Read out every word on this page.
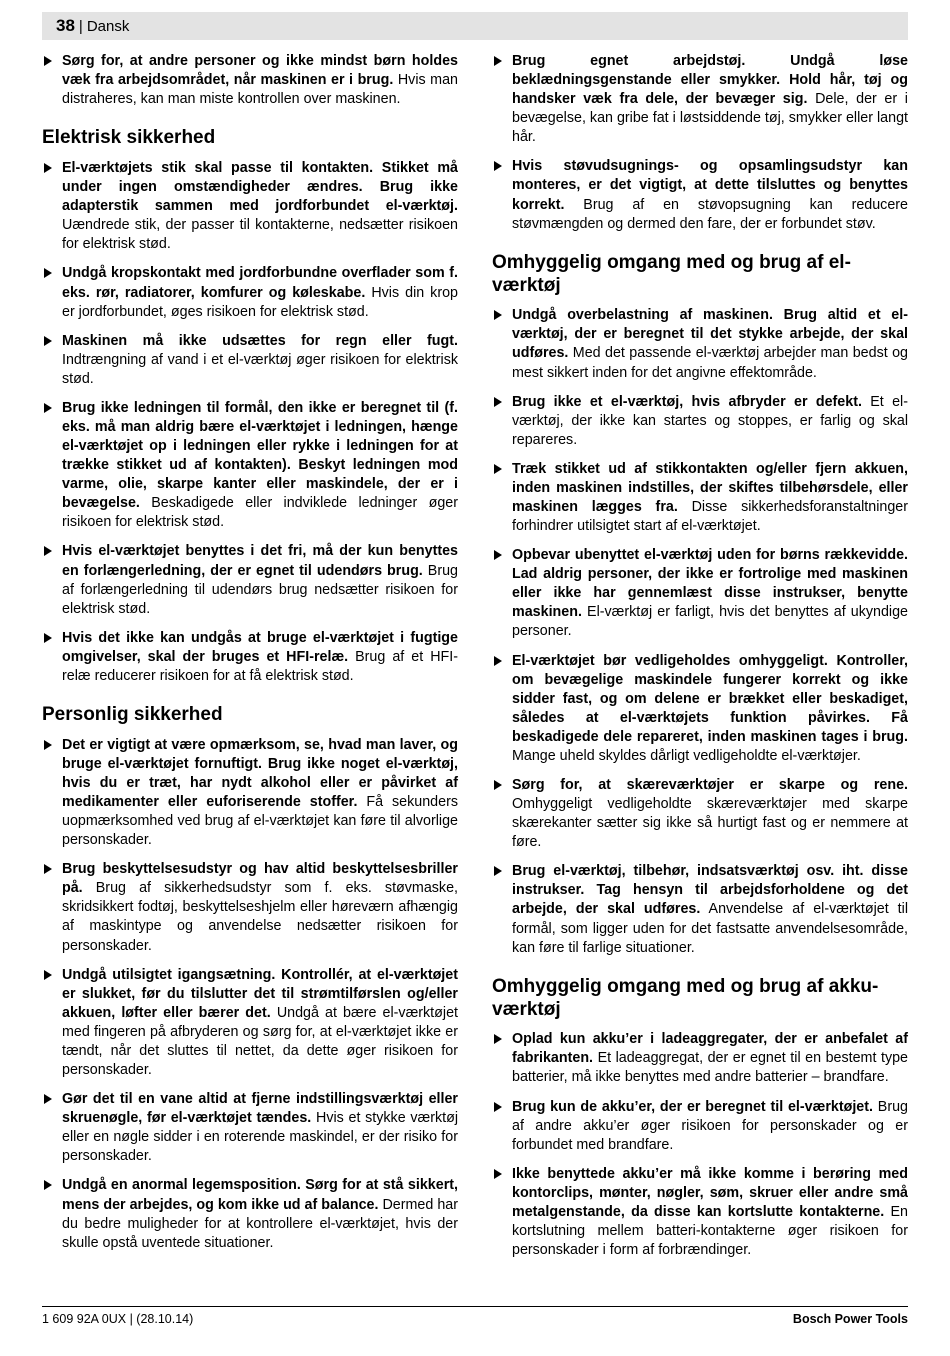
38 | Dansk
Sørg for, at andre personer og ikke mindst børn holdes væk fra arbejdsområdet, når maskinen er i brug. Hvis man distraheres, kan man miste kontrollen over maskinen.
Elektrisk sikkerhed
El-værktøjets stik skal passe til kontakten. Stikket må under ingen omstændigheder ændres. Brug ikke adapterstik sammen med jordforbundet el-værktøj. Uændrede stik, der passer til kontakterne, nedsætter risikoen for elektrisk stød.
Undgå kropskontakt med jordforbundne overflader som f. eks. rør, radiatorer, komfurer og køleskabe. Hvis din krop er jordforbundet, øges risikoen for elektrisk stød.
Maskinen må ikke udsættes for regn eller fugt. Indtrængning af vand i et el-værktøj øger risikoen for elektrisk stød.
Brug ikke ledningen til formål, den ikke er beregnet til (f. eks. må man aldrig bære el-værktøjet i ledningen, hænge el-værktøjet op i ledningen eller rykke i ledningen for at trække stikket ud af kontakten). Beskyt ledningen mod varme, olie, skarpe kanter eller maskindele, der er i bevægelse. Beskadigede eller indviklede ledninger øger risikoen for elektrisk stød.
Hvis el-værktøjet benyttes i det fri, må der kun benyttes en forlængerledning, der er egnet til udendørs brug. Brug af forlængerledning til udendørs brug nedsætter risikoen for elektrisk stød.
Hvis det ikke kan undgås at bruge el-værktøjet i fugtige omgivelser, skal der bruges et HFI-relæ. Brug af et HFI-relæ reducerer risikoen for at få elektrisk stød.
Personlig sikkerhed
Det er vigtigt at være opmærksom, se, hvad man laver, og bruge el-værktøjet fornuftigt. Brug ikke noget el-værktøj, hvis du er træt, har nydt alkohol eller er påvirket af medikamenter eller euforiserende stoffer. Få sekunders uopmærksomhed ved brug af el-værktøjet kan føre til alvorlige personskader.
Brug beskyttelsesudstyr og hav altid beskyttelsesbriller på. Brug af sikkerhedsudstyr som f. eks. støvmaske, skridsikkert fodtøj, beskyttelseshjelm eller høreværn afhængig af maskintype og anvendelse nedsætter risikoen for personskader.
Undgå utilsigtet igangsætning. Kontrollér, at el-værktøjet er slukket, før du tilslutter det til strømtilførslen og/eller akkuen, løfter eller bærer det. Undgå at bære el-værktøjet med fingeren på afbryderen og sørg for, at el-værktøjet ikke er tændt, når det sluttes til nettet, da dette øger risikoen for personskader.
Gør det til en vane altid at fjerne indstillingsværktøj eller skruenøgle, før el-værktøjet tændes. Hvis et stykke værktøj eller en nøgle sidder i en roterende maskindel, er der risiko for personskader.
Undgå en anormal legemsposition. Sørg for at stå sikkert, mens der arbejdes, og kom ikke ud af balance. Dermed har du bedre muligheder for at kontrollere el-værktøjet, hvis der skulle opstå uventede situationer.
Brug egnet arbejdstøj. Undgå løse beklædningsgenstande eller smykker. Hold hår, tøj og handsker væk fra dele, der bevæger sig. Dele, der er i bevægelse, kan gribe fat i løstsiddende tøj, smykker eller langt hår.
Hvis støvudsugnings- og opsamlingsudstyr kan monteres, er det vigtigt, at dette tilsluttes og benyttes korrekt. Brug af en støvopsugning kan reducere støvmængden og dermed den fare, der er forbundet støv.
Omhyggelig omgang med og brug af el-værktøj
Undgå overbelastning af maskinen. Brug altid et el-værktøj, der er beregnet til det stykke arbejde, der skal udføres. Med det passende el-værktøj arbejder man bedst og mest sikkert inden for det angivne effektområde.
Brug ikke et el-værktøj, hvis afbryder er defekt. Et el-værktøj, der ikke kan startes og stoppes, er farlig og skal repareres.
Træk stikket ud af stikkontakten og/eller fjern akkuen, inden maskinen indstilles, der skiftes tilbehørsdele, eller maskinen lægges fra. Disse sikkerhedsforanstaltninger forhindrer utilsigtet start af el-værktøjet.
Opbevar ubenyttet el-værktøj uden for børns rækkevidde. Lad aldrig personer, der ikke er fortrolige med maskinen eller ikke har gennemlæst disse instrukser, benytte maskinen. El-værktøj er farligt, hvis det benyttes af ukyndige personer.
El-værktøjet bør vedligeholdes omhyggeligt. Kontroller, om bevægelige maskindele fungerer korrekt og ikke sidder fast, og om delene er brækket eller beskadiget, således at el-værktøjets funktion påvirkes. Få beskadigede dele repareret, inden maskinen tages i brug. Mange uheld skyldes dårligt vedligeholdte el-værktøjer.
Sørg for, at skæreværktøjer er skarpe og rene. Omhyggeligt vedligeholdte skæreværktøjer med skarpe skærekanter sætter sig ikke så hurtigt fast og er nemmere at føre.
Brug el-værktøj, tilbehør, indsatsværktøj osv. iht. disse instrukser. Tag hensyn til arbejdsforholdene og det arbejde, der skal udføres. Anvendelse af el-værktøjet til formål, som ligger uden for det fastsatte anvendelsesområde, kan føre til farlige situationer.
Omhyggelig omgang med og brug af akku-værktøj
Oplad kun akku’er i ladeaggregater, der er anbefalet af fabrikanten. Et ladeaggregat, der er egnet til en bestemt type batterier, må ikke benyttes med andre batterier – brandfare.
Brug kun de akku’er, der er beregnet til el-værktøjet. Brug af andre akku’er øger risikoen for personskader og er forbundet med brandfare.
Ikke benyttede akku’er må ikke komme i berøring med kontorclips, mønter, nøgler, søm, skruer eller andre små metalgenstande, da disse kan kortslutte kontakterne. En kortslutning mellem batteri-kontakterne øger risikoen for personskader i form af forbrændinger.
1 609 92A 0UX | (28.10.14)	Bosch Power Tools
